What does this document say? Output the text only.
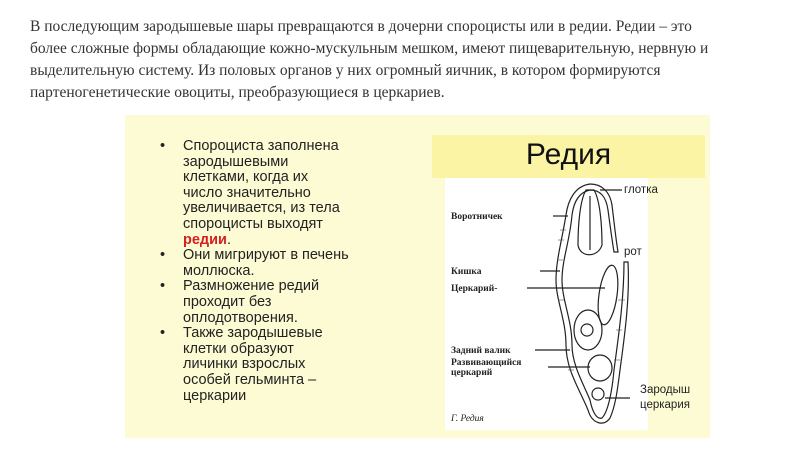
В последующим зародышевые шары превращаются в дочерни спороцисты или в редии. Редии – это
более сложные формы обладающие кожно-мускульным мешком, имеют пищеварительную, нервную и
выделительную систему. Из половых органов у них огромный яичник, в котором формируются
партеногенетические овоциты, преобразующиеся в церкариев.
• Спороциста заполнена
зародышевыми
клетками, когда их
число значительно
увеличивается, из тела
спороцисты выходят
редии.
• Они мигрируют в печень
моллюска.
• Размножение редий
проходит без
оплодотворения.
• Также зародышевые
клетки образуют
личинки взрослых
особей гельминта –
церкарии
Редия
Воротничек
Кишка
Церкарий-
Задний валик
Развивающийся
церкарий
Г. Редия
глотка
рот
Зародыш
церкария
